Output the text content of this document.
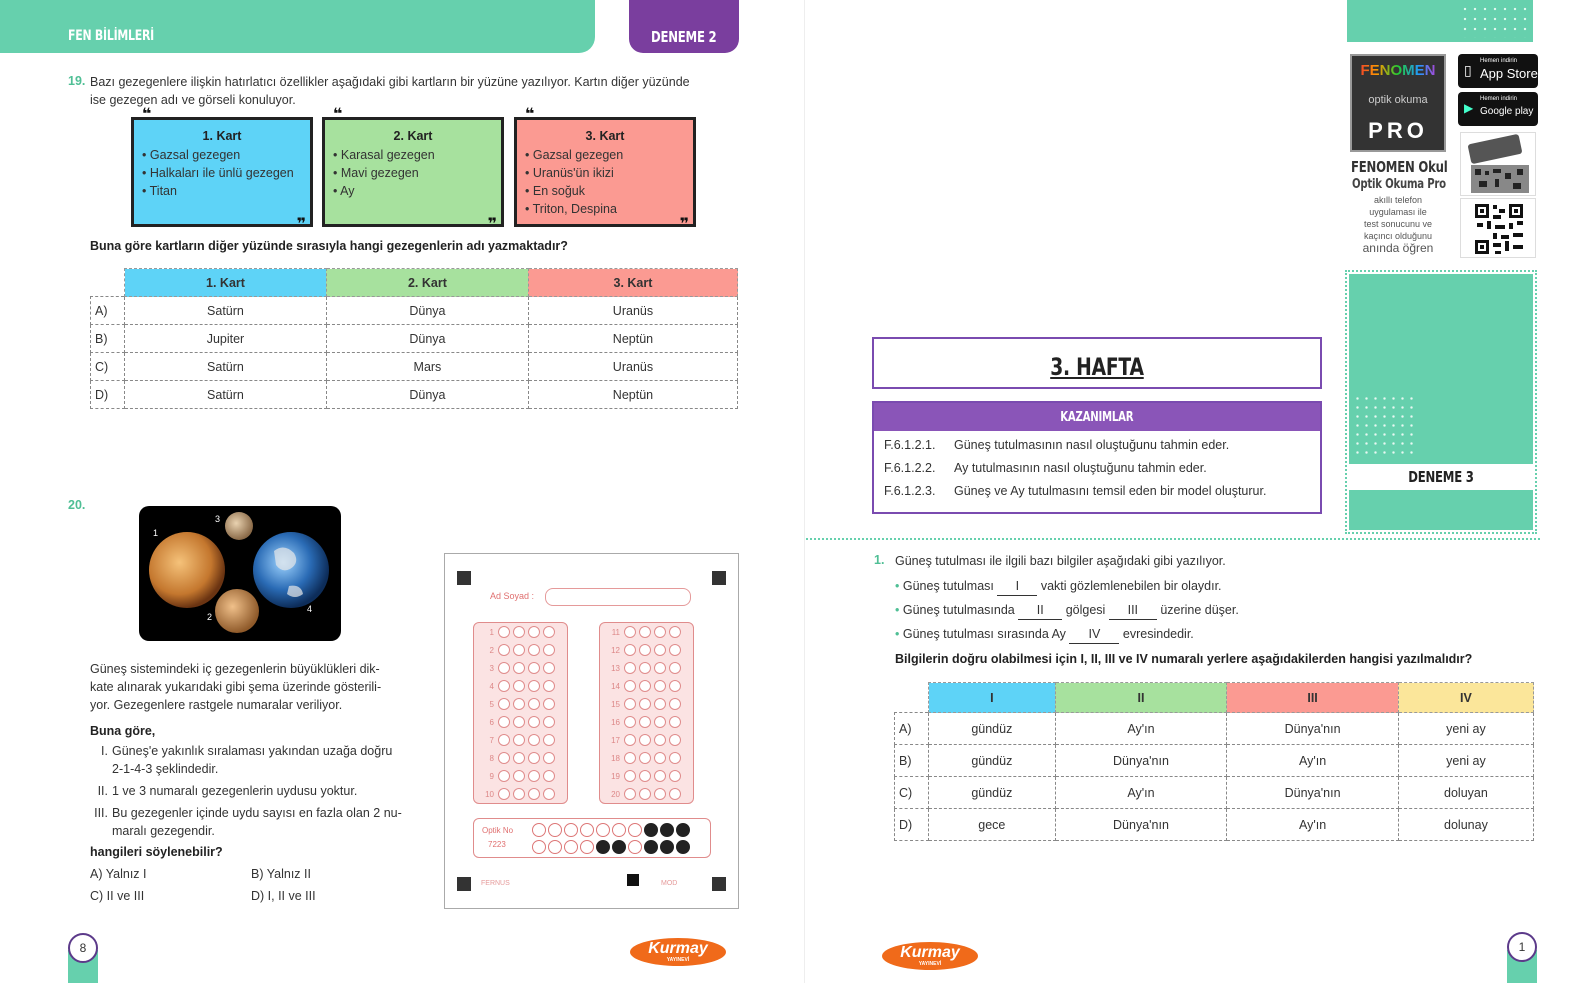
FEN BİLİMLERİ	DENEME 2
19. Bazı gezegenlere ilişkin hatırlatıcı özellikler aşağıdaki gibi kartların bir yüzüne yazılıyor. Kartın diğer yüzünde
ise gezegen adı ve görseli konuluyor.
❝
1. Kart
• Gazsal gezegen
• Halkaları ile ünlü gezegen
• Titan
❞
❝
2. Kart
• Karasal gezegen
• Mavi gezegen
• Ay
❞
❝
3. Kart
• Gazsal gezegen
• Uranüs'ün ikizi
• En soğuk
• Triton, Despina
❞
Buna göre kartların diğer yüzünde sırasıyla hangi gezegenlerin adı yazmaktadır?
	1. Kart	2. Kart	3. Kart
A)	Satürn	Dünya	Uranüs
B)	Jupiter	Dünya	Neptün
C)	Satürn	Mars	Uranüs
D)	Satürn	Dünya	Neptün
20.
1
3
2
4
Güneş sistemindeki iç gezegenlerin büyüklükleri dik-
kate alınarak yukarıdaki gibi şema üzerinde gösterili-
yor. Gezegenlere rastgele numaralar veriliyor.
Buna göre,
I. Güneş'e yakınlık sıralaması yakından uzağa doğru
2-1-4-3 şeklindedir.
II. 1 ve 3 numaralı gezegenlerin uydusu yoktur.
III. Bu gezegenler içinde uydu sayısı en fazla olan 2 nu-
maralı gezegendir.
hangileri söylenebilir?
A) Yalnız I	B) Yalnız II
C) II ve III	D) I, II ve III
Ad Soyad :
1
2
3
4
5
6
7
8
9
10
11
12
13
14
15
16
17
18
19
20
Optik No
7223
FERNUS	MOD
8	Kurmay
YAYINEVİ
FENOMEN
optik okuma
PRO
FENOMEN Okul
Optik Okuma Pro
akıllı telefon
uygulaması ile
test sonucunu ve
kaçıncı olduğunu
anında öğren
▯
Hemen indirin
App Store
▶
Hemen indirin
Google play
DENEME 3
3. HAFTA
KAZANIMLAR
F.6.1.2.1. Güneş tutulmasının nasıl oluştuğunu tahmin eder.
F.6.1.2.2. Ay tutulmasının nasıl oluştuğunu tahmin eder.
F.6.1.2.3. Güneş ve Ay tutulmasını temsil eden bir model oluşturur.
1. Güneş tutulması ile ilgili bazı bilgiler aşağıdaki gibi yazılıyor.
• Güneş tutulması I vakti gözlemlenebilen bir olaydır.
• Güneş tutulmasında II gölgesi III üzerine düşer.
• Güneş tutulması sırasında Ay IV evresindedir.
Bilgilerin doğru olabilmesi için I, II, III ve IV numaralı yerlere aşağıdakilerden hangisi yazılmalıdır?
	I	II	III	IV
A)	gündüz	Ay'ın	Dünya'nın	yeni ay
B)	gündüz	Dünya'nın	Ay'ın	yeni ay
C)	gündüz	Ay'ın	Dünya'nın	doluyan
D)	gece	Dünya'nın	Ay'ın	dolunay
Kurmay
YAYINEVİ
1
